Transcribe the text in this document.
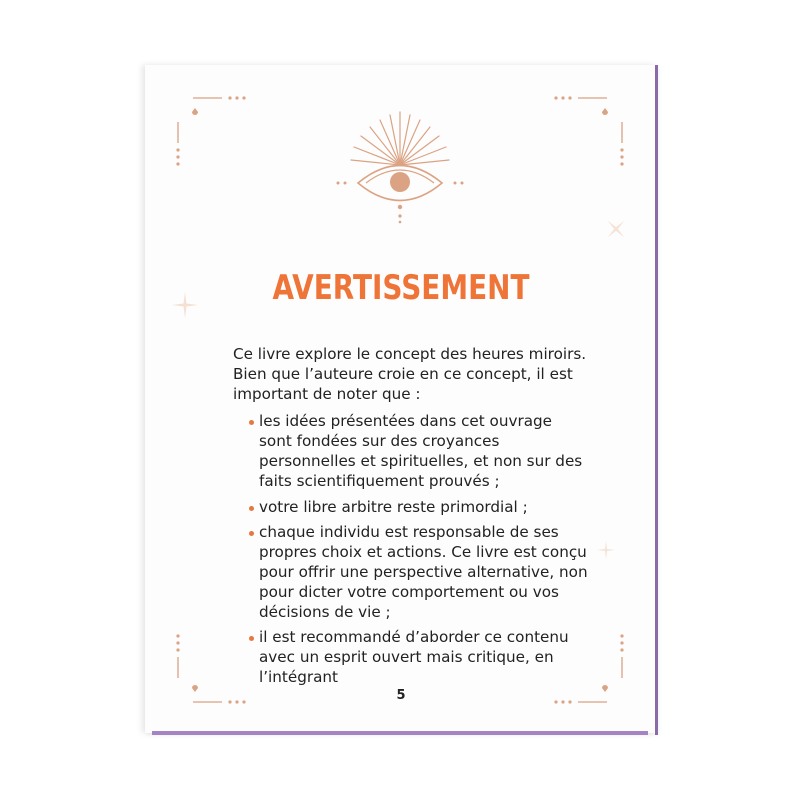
AVERTISSEMENT

Ce livre explore le concept des heures miroirs. Bien que l’auteure croie en ce concept, il est important de noter que :

les idées présentées dans cet ouvrage sont fondées sur des croyances personnelles et spirituelles, et non sur des faits scientifiquement prouvés ;
votre libre arbitre reste primordial ;
chaque individu est responsable de ses propres choix et actions. Ce livre est conçu pour offrir une perspective alternative, non pour dicter votre comportement ou vos décisions de vie ;
il est recommandé d’aborder ce contenu avec un esprit ouvert mais critique, en l’intégrant
5
